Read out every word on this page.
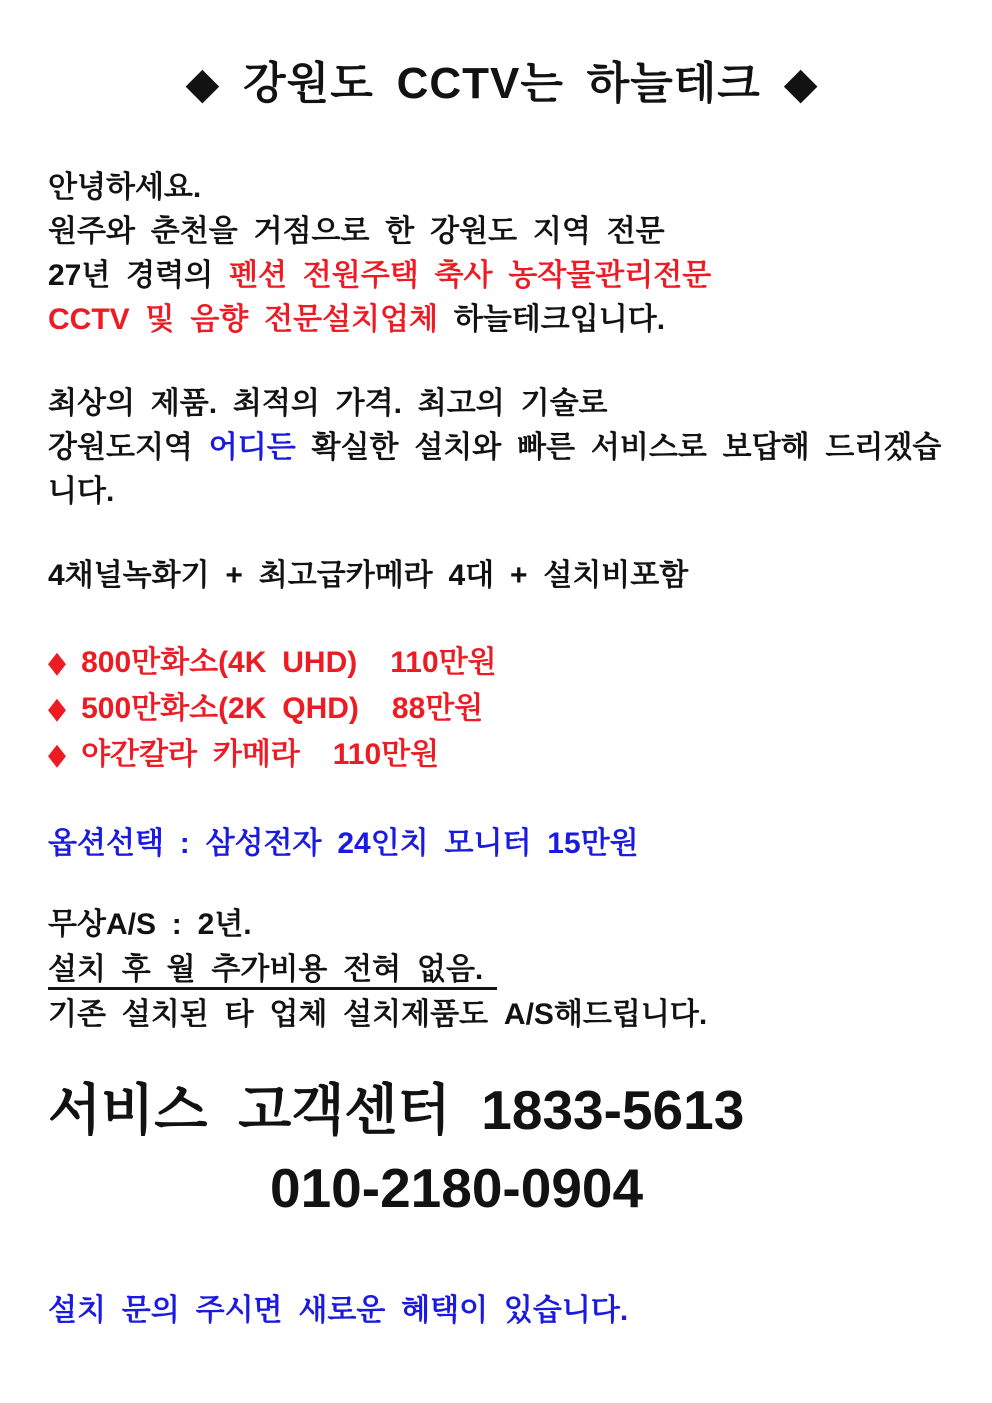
◆ 강원도 CCTV는 하늘테크 ◆

안녕하세요.

원주와 춘천을 거점으로 한 강원도 지역 전문

27년 경력의 펜션 전원주택 축사 농작물관리전문

CCTV 및 음향 전문설치업체 하늘테크입니다.

최상의 제품. 최적의 가격. 최고의 기술로

강원도지역 어디든 확실한 설치와 빠른 서비스로 보답해 드리겠습니다.

4채널녹화기 + 최고급카메라 4대 + 설치비포함

◆ 800만화소(4K UHD) 110만원

◆ 500만화소(2K QHD) 88만원

◆ 야간칼라 카메라 110만원

옵션선택 : 삼성전자 24인치 모니터 15만원

무상A/S : 2년.

설치 후 월 추가비용 전혀 없음.

기존 설치된 타 업체 설치제품도 A/S해드립니다.

서비스 고객센터 1833-5613

010-2180-0904

설치 문의 주시면 새로운 혜택이 있습니다.
